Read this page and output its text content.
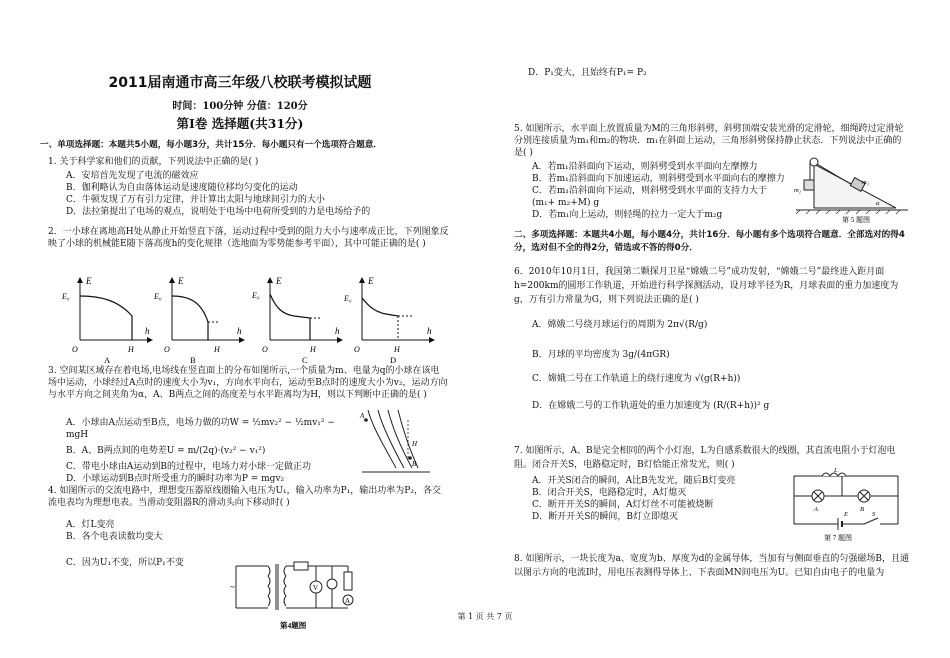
2011届南通市高三年级八校联考模拟试题
时间：100分钟 分值：120分
第Ⅰ卷 选择题(共31分)
一、单项选择题：本题共5小题，每小题3分，共计15分．每小题只有一个选项符合题意．

1. 关于科学家和他们的贡献，下列说法中正确的是( )

A．安培首先发现了电流的磁效应

B．伽利略认为自由落体运动是速度随位移均匀变化的运动

C．牛顿发现了万有引力定律，并计算出太阳与地球间引力的大小

D．法拉第提出了电场的观点，说明处于电场中电荷所受到的力是电场给予的

2．一小球在离地高H处从静止开始竖直下落，运动过程中受到的阻力大小与速率成正比，下列图象反映了小球的机械能E随下落高度h的变化规律（选地面为零势能参考平面），其中可能正确的是( )

E
E₀
h
O	H
A
E
E₀
h
O	H
B
E
E₀
h
O	H
C
E
E₀
h
O	H
D

3. 空间某区域存在着电场,电场线在竖直面上的分布如图所示,一个质量为m、电量为q的小球在该电场中运动，小球经过A点时的速度大小为v₁，方向水平向右，运动至B点时的速度大小为v₂，运动方向与水平方向之间夹角为α，A、B两点之间的高度差与水平距离均为H，则以下判断中正确的是( )

A．小球由A点运动至B点，电场力做的功W = ½mv₂² − ½mv₁² − mgH

B．A、B两点间的电势差U = m/(2q)·(v₂² − v₁²)

C．带电小球由A运动到B的过程中，电场力对小球一定做正功

D．小球运动到B点时所受重力的瞬时功率为P = mgv₂

A
H
B

4. 如图所示的交流电路中，理想变压器原线圈输入电压为U₁，输入功率为P₁，输出功率为P₂，各交流电表均为理想电表。当滑动变阻器R的滑动头向下移动时( )

A．灯L变亮

B．各个电表读数均变大

C．因为U₁不变，所以P₁不变

~	V
A
第4题图
第 1 页 共 7 页
D．P₁变大，且始终有P₁= P₂

5. 如图所示，水平面上放置质量为M的三角形斜劈，斜劈顶端安装光滑的定滑轮，细绳跨过定滑轮分别连接质量为m₁和m₂的物块．m₁在斜面上运动，三角形斜劈保持静止状态．下列说法中正确的是( )

A．若m₁沿斜面向下运动，则斜劈受到水平面向左摩擦力

B．若m₁沿斜面向下加速运动，则斜劈受到水平面向右的摩擦力

C．若m₁沿斜面向下运动，则斜劈受到水平面的支持力大于(m₁+ m₂+M) g

D．若m₁向上运动，则轻绳的拉力一定大于m₂g

m₁
m₂
α
第 5 题图
二、多项选择题：本题共4小题，每小题4分，共计16分．每小题有多个选项符合题意．全部选对的得4分，选对但不全的得2分，错选或不答的得0分．

6．2010年10月1日，我国第二颗探月卫星“嫦娥二号”成功发射，“嫦娥二号”最终进入距月面h=200km的圆形工作轨道，开始进行科学探测活动，设月球半径为R，月球表面的重力加速度为g，万有引力常量为G，则下列说法正确的是( )

A．嫦娥二号绕月球运行的周期为 2π√(R/g)

B．月球的平均密度为 3g/(4πGR)

C．嫦娥二号在工作轨道上的绕行速度为 √(g(R+h))

D．在嫦娥二号的工作轨道处的重力加速度为 (R/(R+h))² g

7. 如图所示，A、B是完全相同的两个小灯泡，L为自感系数很大的线圈，其直流电阻小于灯泡电阻。闭合开关S，电路稳定时，B灯恰能正常发光，则( )

A．开关S闭合的瞬间，A比B先发光，随后B灯变亮

B．闭合开关S，电路稳定时，A灯熄灭

C．断开开关S的瞬间，A灯灯丝不可能被烧断

D．断开开关S的瞬间，B灯立即熄灭

L
A	B
S
E
第 7 题图

8. 如图所示，一块长度为a、宽度为b、厚度为d的金属导体，当加有与侧面垂直的匀强磁场B，且通以图示方向的电流I时，用电压表测得导体上、下表面MN间电压为U。已知自由电子的电量为
